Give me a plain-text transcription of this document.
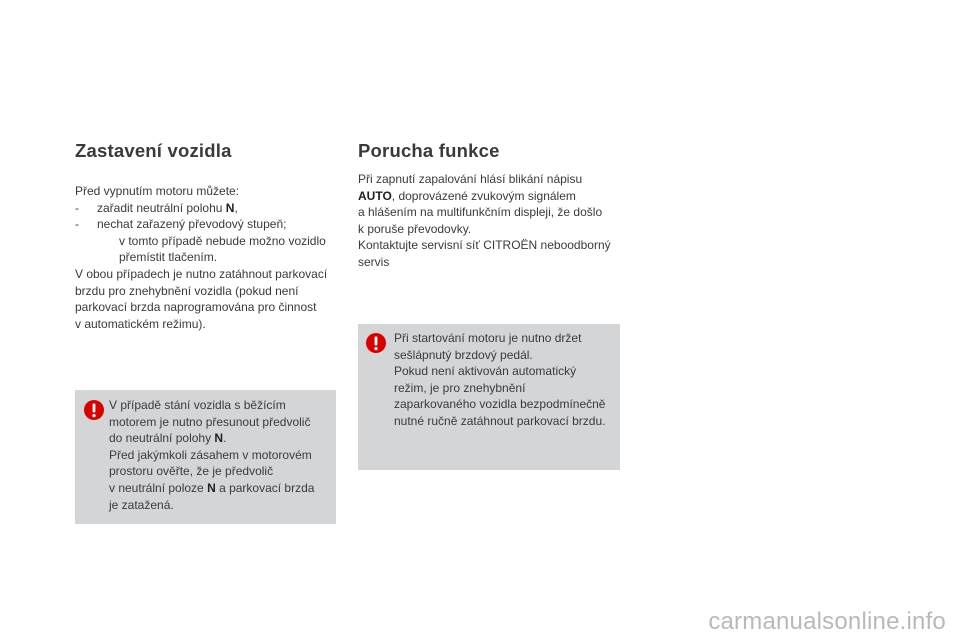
Zastavení vozidla

Před vypnutím motoru můžete:

- zařadit neutrální polohu N,
- nechat zařazený převodový stupeň;
v tomto případě nebude možno vozidlo
přemístit tlačením.

V obou případech je nutno zatáhnout parkovací

brzdu pro znehybnění vozidla (pokud není

parkovací brzda naprogramována pro činnost

v automatickém režimu).

V případě stání vozidla s běžícím
motorem je nutno přesunout předvolič
do neutrální polohy N.
Před jakýmkoli zásahem v motorovém
prostoru ověřte, že je předvolič
v neutrální poloze N a parkovací brzda
je zatažená.
Porucha funkce
Při zapnutí zapalování hlásí blikání nápisu
AUTO, doprovázené zvukovým signálem
a hlášením na multifunkčním displeji, že došlo
k poruše převodovky.
Kontaktujte servisní síť CITROËN neboodborný
servis
Při startování motoru je nutno držet
sešlápnutý brzdový pedál.
Pokud není aktivován automatický
režim, je pro znehybnění
zaparkovaného vozidla bezpodmínečně
nutné ručně zatáhnout parkovací brzdu.
carmanualsonline.info
